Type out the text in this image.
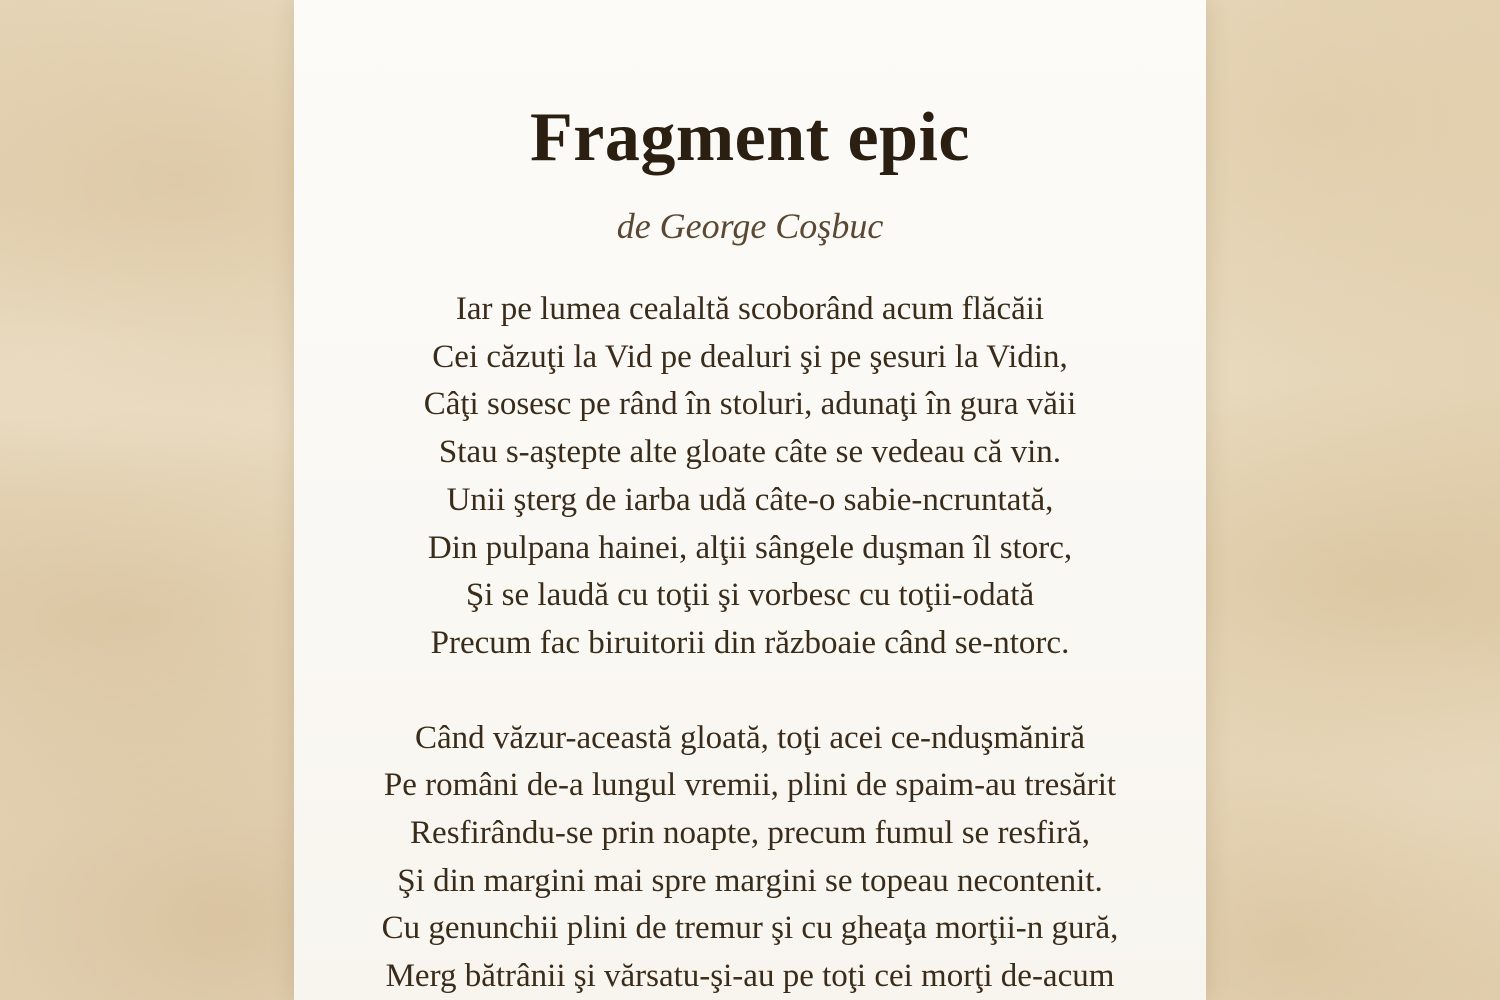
Fragment epic
de George Coşbuc
Iar pe lumea cealaltă scoborând acum flăcăii
Cei căzuţi la Vid pe dealuri şi pe şesuri la Vidin,
Câţi sosesc pe rând în stoluri, adunaţi în gura văii
Stau s-aştepte alte gloate câte se vedeau că vin.
Unii şterg de iarba udă câte-o sabie-ncruntată,
Din pulpana hainei, alţii sângele duşman îl storc,
Şi se laudă cu toţii şi vorbesc cu toţii-odată
Precum fac biruitorii din războaie când se-ntorc.
Când văzur-această gloată, toţi acei ce-nduşmăniră
Pe români de-a lungul vremii, plini de spaim-au tresărit
Resfirându-se prin noapte, precum fumul se resfiră,
Şi din margini mai spre margini se topeau necontenit.
Cu genunchii plini de tremur şi cu gheaţa morţii-n gură,
Merg bătrânii şi vărsatu-şi-au pe toţi cei morţi de-acum
